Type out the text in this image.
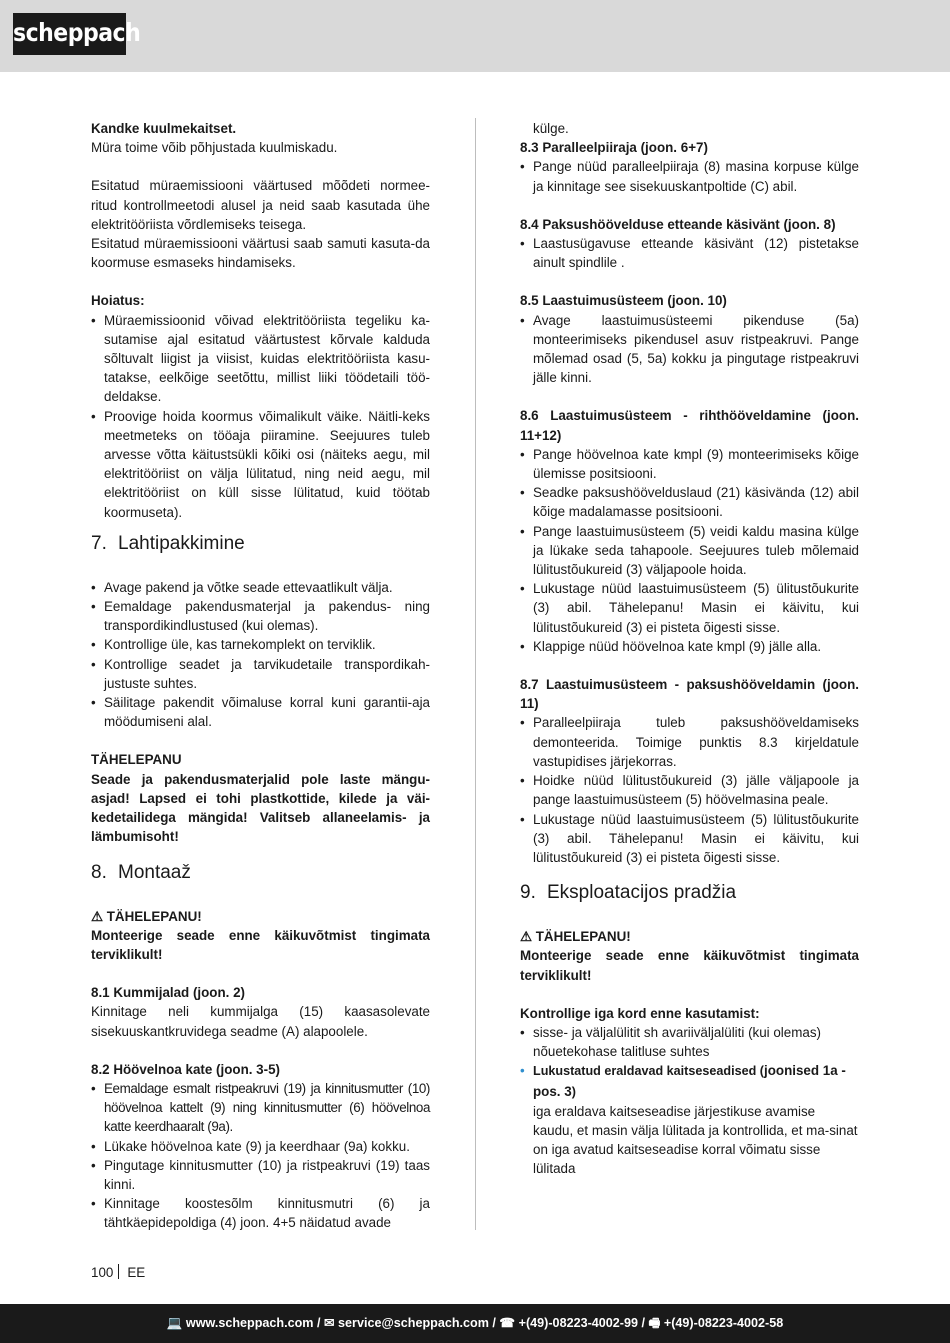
scheppach

Kandke kuulmekaitset.

Müra toime võib põhjustada kuulmiskadu.

Esitatud müraemissiooni väärtused mõõdeti normee-ritud kontrollmeetodi alusel ja neid saab kasutada ühe elektritööriista võrdlemiseks teisega.

Esitatud müraemissiooni väärtusi saab samuti kasuta-da koormuse esmaseks hindamiseks.

Hoiatus:

• Müraemissioonid võivad elektritööriista tegeliku ka-sutamise ajal esitatud väärtustest kõrvale kalduda sõltuvalt liigist ja viisist, kuidas elektritööriista kasu-tatakse, eelkõige seetõttu, millist liiki töödetaili töö-deldakse.
• Proovige hoida koormus võimalikult väike. Näitli-keks meetmeteks on tööaja piiramine. Seejuures tuleb arvesse võtta käitustsükli kõiki osi (näiteks aegu, mil elektritööriist on välja lülitatud, ning neid aegu, mil elektritööriist on küll sisse lülitatud, kuid töötab koormuseta).
7. Lahtipakkimine
• Avage pakend ja võtke seade ettevaatlikult välja.
• Eemaldage pakendusmaterjal ja pakendus- ning transpordikindlustused (kui olemas).
• Kontrollige üle, kas tarnekomplekt on terviklik.
• Kontrollige seadet ja tarvikudetaile transpordikah-justuste suhtes.
• Säilitage pakendit võimaluse korral kuni garantii-aja möödumiseni alal.

TÄHELEPANU

Seade ja pakendusmaterjalid pole laste mängu-asjad! Lapsed ei tohi plastkottide, kilede ja väi-kedetailidega mängida! Valitseb allaneelamis- ja lämbumisoht!

8. Montaaž

⚠ TÄHELEPANU!

Monteerige seade enne käikuvõtmist tingimata terviklikult!

8.1 Kummijalad (joon. 2)

Kinnitage neli kummijalga (15) kaasasolevate sisekuuskantkruvidega seadme (A) alapoolele.

8.2 Höövelnoa kate (joon. 3-5)

• Eemaldage esmalt ristpeakruvi (19) ja kinnitusmutter (10) höövelnoa kattelt (9) ning kinnitusmutter (6) höövelnoa katte keerdhaaralt (9a).
• Lükake höövelnoa kate (9) ja keerdhaar (9a) kokku.
• Pingutage kinnitusmutter (10) ja ristpeakruvi (19) taas kinni.
• Kinnitage koostesõlm kinnitusmutri (6) ja tähtkäepidepoldiga (4) joon. 4+5 näidatud avade

külge.

8.3 Paralleelpiiraja (joon. 6+7)

• Pange nüüd paralleelpiiraja (8) masina korpuse külge ja kinnitage see sisekuuskantpoltide (C) abil.

8.4 Paksushöövelduse etteande käsivänt (joon. 8)

• Laastusügavuse etteande käsivänt (12) pistetakse ainult spindlile .

8.5 Laastuimusüsteem (joon. 10)

• Avage laastuimusüsteemi pikenduse (5a) monteerimiseks pikendusel asuv ristpeakruvi. Pange mõlemad osad (5, 5a) kokku ja pingutage ristpeakruvi jälle kinni.

8.6 Laastuimusüsteem - rihthöövеldamine (joon. 11+12)

• Pange höövelnoa kate kmpl (9) monteerimiseks kõige ülemisse positsiooni.
• Seadke paksushöövelduslaud (21) käsivända (12) abil kõige madalamasse positsiooni.
• Pange laastuimusüsteem (5) veidi kaldu masina külge ja lükake seda tahapoole. Seejuures tuleb mõlemaid lülitustõukureid (3) väljapoole hoida.
• Lukustage nüüd laastuimusüsteem (5) ülitustõukurite (3) abil. Tähelepanu! Masin ei käivitu, kui lülitustõukureid (3) ei pisteta õigesti sisse.
• Klappige nüüd höövelnoa kate kmpl (9) jälle alla.

8.7 Laastuimusüsteem - paksushöövеldamin (joon. 11)

• Paralleelpiiraja tuleb paksushöövеldamiseks demonteerida. Toimige punktis 8.3 kirjeldatule vastupidises järjekorras.
• Hoidke nüüd lülitustõukureid (3) jälle väljapoole ja pange laastuimusüsteem (5) höövelmasina peale.
• Lukustage nüüd laastuimusüsteem (5) lülitustõukurite (3) abil. Tähelepanu! Masin ei käivitu, kui lülitustõukureid (3) ei pisteta õigesti sisse.
9. Eksploatacijos pradžia

⚠ TÄHELEPANU!

Monteerige seade enne käikuvõtmist tingimata terviklikult!

Kontrollige iga kord enne kasutamist:

• sisse- ja väljalülitit sh avariiväljalüliti (kui olemas) nõuetekohase talitluse suhtes
• Lukustatud eraldavad kaitseseadised (joonised 1a - pos. 3)
iga eraldava kaitseseadise järjestikuse avamise kaudu, et masin välja lülitada ja kontrollida, et ma-sinat on iga avatud kaitseseadise korral võimatu sisse lülitada
100 EE
💻 www.scheppach.com / ✉ service@scheppach.com / ☎ +(49)-08223-4002-99 / 🖷 +(49)-08223-4002-58
